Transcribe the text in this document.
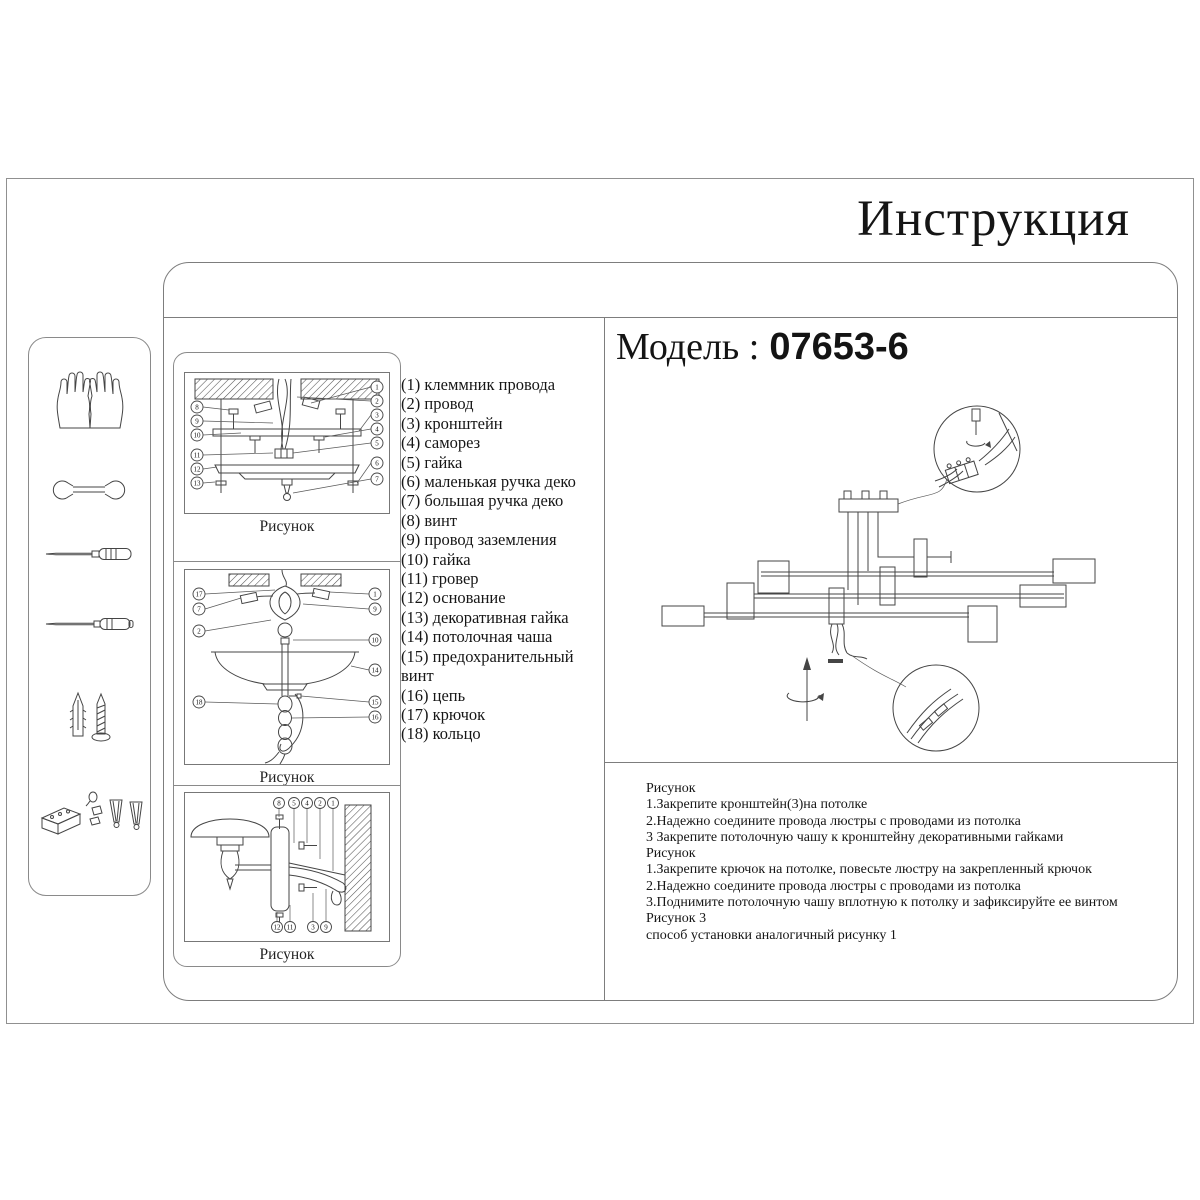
Инструкция
8
9
10
11
12
13
1
2
3
4
5
6
7
Рисунок
17
7
2
18
1
9
10
14
15
16
Рисунок
8 5 4 2 1
12 11	3 9
Рисунок
(1) клеммник провода
(2) провод
(3) кронштейн
(4) саморез
(5) гайка
(6) маленькая ручка деко
(7) большая ручка деко
(8) винт
(9) провод заземления
(10) гайка
(11) гровер
(12) основание
(13) декоративная гайка
(14) потолочная чаша
(15) предохранительный винт
(16) цепь
(17) крючок
(18) кольцо
Модель : 07653-6
Рисунок
1.Закрепите кронштейн(3)на потолке
2.Надежно соедините провода люстры с проводами из потолка
3 Закрепите потолочную чашу к кронштейну декоративными гайками
Рисунок
1.Закрепите крючок на потолке, повесьте люстру на закрепленный крючок
2.Надежно соедините провода люстры с проводами из потолка
3.Поднимите потолочную чашу вплотную к потолку и зафиксируйте ее винтом
Рисунок 3
способ установки аналогичный рисунку 1
